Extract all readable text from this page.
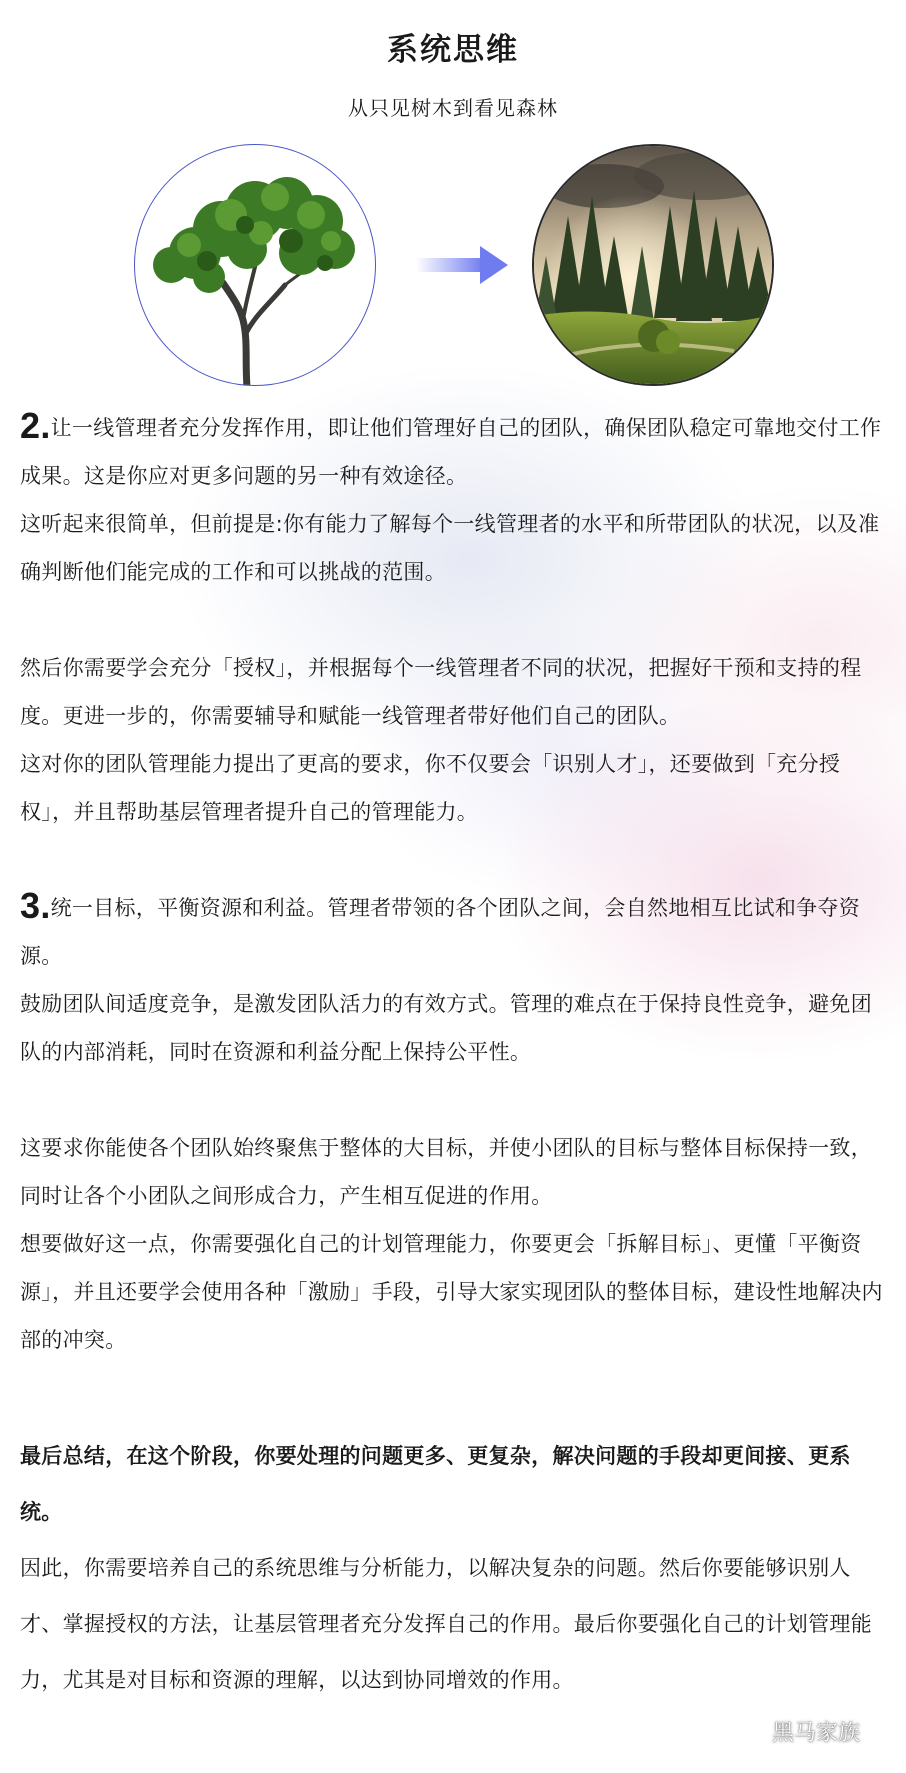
系统思维
从只见树木到看见森林

2.让一线管理者充分发挥作用，即让他们管理好自己的团队，确保团队稳定可靠地交付工作成果。这是你应对更多问题的另一种有效途径。

这听起来很简单，但前提是:你有能力了解每个一线管理者的水平和所带团队的状况，以及准确判断他们能完成的工作和可以挑战的范围。

然后你需要学会充分「授权」，并根据每个一线管理者不同的状况，把握好干预和支持的程度。更进一步的，你需要辅导和赋能一线管理者带好他们自己的团队。

这对你的团队管理能力提出了更高的要求，你不仅要会「识别人才」，还要做到「充分授权」，并且帮助基层管理者提升自己的管理能力。

3.统一目标，平衡资源和利益。管理者带领的各个团队之间，会自然地相互比试和争夺资源。

鼓励团队间适度竞争，是激发团队活力的有效方式。管理的难点在于保持良性竞争，避免团队的内部消耗，同时在资源和利益分配上保持公平性。

这要求你能使各个团队始终聚焦于整体的大目标，并使小团队的目标与整体目标保持一致，同时让各个小团队之间形成合力，产生相互促进的作用。

想要做好这一点，你需要强化自己的计划管理能力，你要更会「拆解目标」、更懂「平衡资源」，并且还要学会使用各种「激励」手段，引导大家实现团队的整体目标，建设性地解决内部的冲突。

最后总结，在这个阶段，你要处理的问题更多、更复杂，解决问题的手段却更间接、更系统。

因此，你需要培养自己的系统思维与分析能力，以解决复杂的问题。然后你要能够识别人才、掌握授权的方法，让基层管理者充分发挥自己的作用。最后你要强化自己的计划管理能力，尤其是对目标和资源的理解，以达到协同增效的作用。

黑马家族
